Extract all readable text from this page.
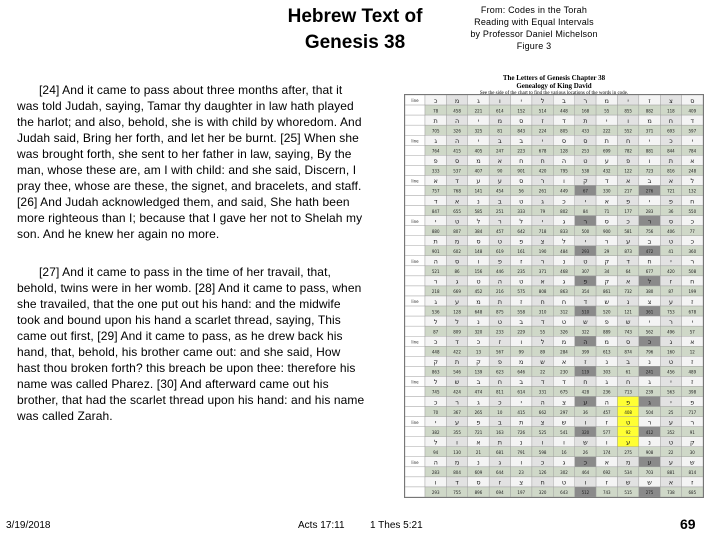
Hebrew Text of
Genesis 38
From: Codes in the Torah
Reading with Equal Intervals
by Professor Daniel Michelson
Figure 3

[24] And it came to pass about three months after, that it was told Judah, saying, Tamar thy daughter in law hath played the harlot; and also, behold, she is with child by whoredom. And Judah said, Bring her forth, and let her be burnt. [25] When she was brought forth, she sent to her father in law, saying, By the man, whose these are, am I with child: and she said, Discern, I pray thee, whose are these, the signet, and bracelets, and staff. [26] And Judah acknowledged them, and said, She hath been more righteous than I; because that I gave her not to Shelah my son. And he knew her again no more.

[27] And it came to pass in the time of her travail, that, behold, twins were in her womb. [28] And it came to pass, when she travailed, that the one put out his hand: and the midwife took and bound upon his hand a scarlet thread, saying, This came out first, [29] And it came to pass, as he drew back his hand, that, behold, his brother came out: and she said, How hast thou broken forth? this breach be upon thee: therefore his name was called Pharez. [30] And afterward came out his brother, that had the scarlet thread upon his hand: and his name was called Zarah.

The Letters of Genesis Chapter 38
Genealogy of King David
line כ	מ	ג	ו	י	ל	ב	ר	מ	י	ז	צ	ס
78	458	221	614	152	514	448	168	55	855	882	118	409
ת	ה	י	מ	ס	ז	ד	ת	י	ו	מ	ח	ד
705	326	325	81	843	224	805	433	222	552	371	693	597
line ג	ה	י	ב	ב	י	ס	ס	ת	ח	י	כ	י
764	415	405	247	223	678	128	253	699	782	881	844	784
פ	ס	מ	א	ח	ח	ה	ט	ע	פ	ו	ת	א
333	537	407	90	901	420	795	538	432	122	723	816	248
line א	ד	ע	ע	ס	ר	ו	ק	ד	א	ב	א	ל
757	768	141	454	56	261	449	67	330	217	276	721	132
ד	א	נ	ב	ט	ג	כ	י	א	פ	י	פ	ח
847	655	585	251	333	79	802	84	71	177	283	36	550
line	י	ט	ל	ר	ל	י	ג	ר	ס	כ	ר	ס	כ
880	807	384	457	642	718	833	500	900	581	756	406	77
ת	מ	ס	ט	פ	צ	ל	י	ר	ע	ב	ט	כ
901	602	148	619	161	190	484	293	29	873	472	41	360
line ה	ס	ו	פ	ז	ר	נ	ט	ק	ד	ח	י	ר
521	86	156	446	235	371	468	307	34	64	677	420	508
ר	ג	ט	ה	ט	א	ג	פ	ק	א	ל	ז	ח
218	669	452	216	575	808	863	354	861	732	380	87	199
line ג	ע	מ	ת	ז	ח	ח	ד	ש	נ	צ	ע	ז
536	128	648	875	558	310	312	510	520	121	361	753	678
ל	ל	נ	ט	ב	ד	ט	ש	פ	ש	י	ר	י
87	809	320	233	229	55	326	322	889	743	562	496	57
line כ	ד	כ	ז	ו	ל	מ	ה	מ	ס	כ	ג	א
448	422	13	567	99	89	284	399	613	874	796	160	12
ק	ת	ק	פ	מ	ש	א	ז	נ	ב	נ	ט	ז
863	546	139	623	646	22	230	119	303	61	241	456	489
line ל	ש	ב	ח	ב	ד	ד	ח	ג	ח	ג	י	ז
745	424	474	811	614	331	675	428	236	713	239	563	398
כ	ר	ג	כ	י	ה	צ	ע	ה	פ	ג	י	פ
70	367	265	10	415	662	297	36	457	408	504	25	717
line	י	ע	פ	ב	ת	צ	ש	ו	ז	ט	ר	ע	ר
382	355	721	163	726	525	541	320	577	92	412	352	91
ל	ו	א	ת	נ	ו	ו	ש	ו	ע	נ	ט	ק
94	130	21	681	791	598	16	26	174	275	908	22	30
line ה	מ	נ	ג	ו	כ	ג	כ	א	מ	ע	ע	ש
283	804	609	644	23	126	302	464	692	534	703	881	814
ו	ד	ס	ז	צ	ח	ט	ו	ז	ש	ש	א	ז
293	755	896	694	197	320	643	512	743	515	275	738	685
3/19/2018	Acts 17:11	1 Thes 5:21	69
